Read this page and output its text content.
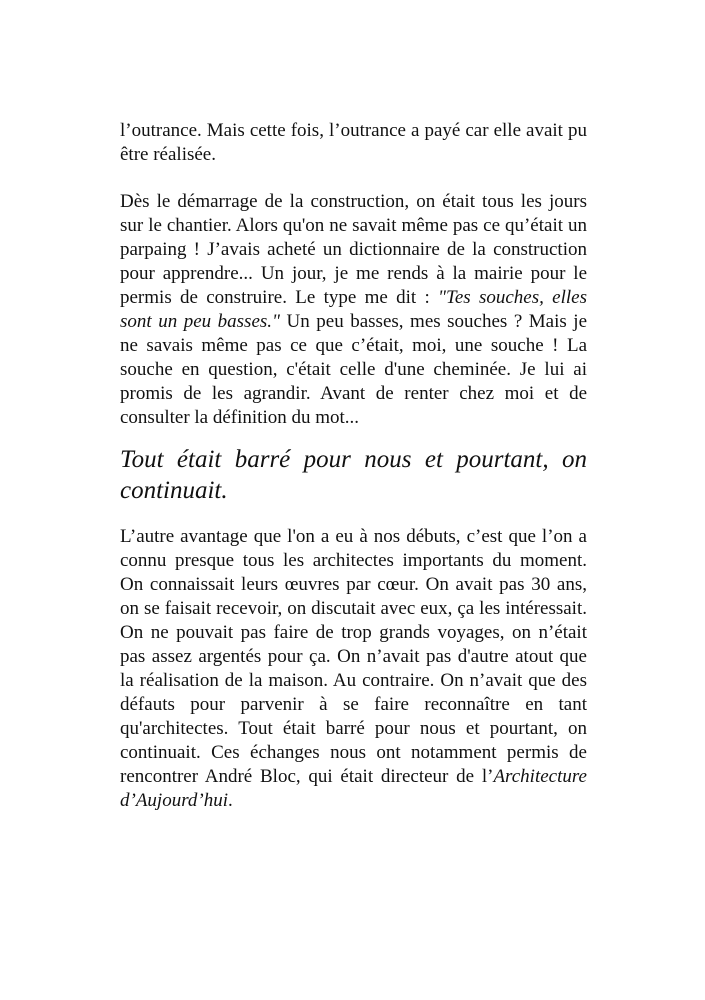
l’outrance. Mais cette fois, l’outrance a payé car elle avait pu être réalisée.

Dès le démarrage de la construction, on était tous les jours sur le chantier. Alors qu'on ne savait même pas ce qu’était un parpaing ! J’avais acheté un dictionnaire de la construction pour apprendre... Un jour, je me rends à la mairie pour le permis de construire. Le type me dit : "Tes souches, elles sont un peu basses." Un peu basses, mes souches ? Mais je ne savais même pas ce que c’était, moi, une souche ! La souche en question, c'était celle d'une cheminée. Je lui ai promis de les agrandir. Avant de renter chez moi et de consulter la définition du mot...

Tout était barré pour nous et pourtant, on continuait.

L’autre avantage que l'on a eu à nos débuts, c’est que l’on a connu presque tous les architectes importants du moment. On connaissait leurs œuvres par cœur. On avait pas 30 ans, on se faisait recevoir, on discutait avec eux, ça les intéressait. On ne pouvait pas faire de trop grands voyages, on n’était pas assez argentés pour ça. On n’avait pas d'autre atout que la réalisation de la maison. Au contraire. On n’avait que des défauts pour parvenir à se faire reconnaître en tant qu'architectes. Tout était barré pour nous et pourtant, on continuait. Ces échanges nous ont notamment permis de rencontrer André Bloc, qui était directeur de l’Architecture d’Aujourd’hui.
